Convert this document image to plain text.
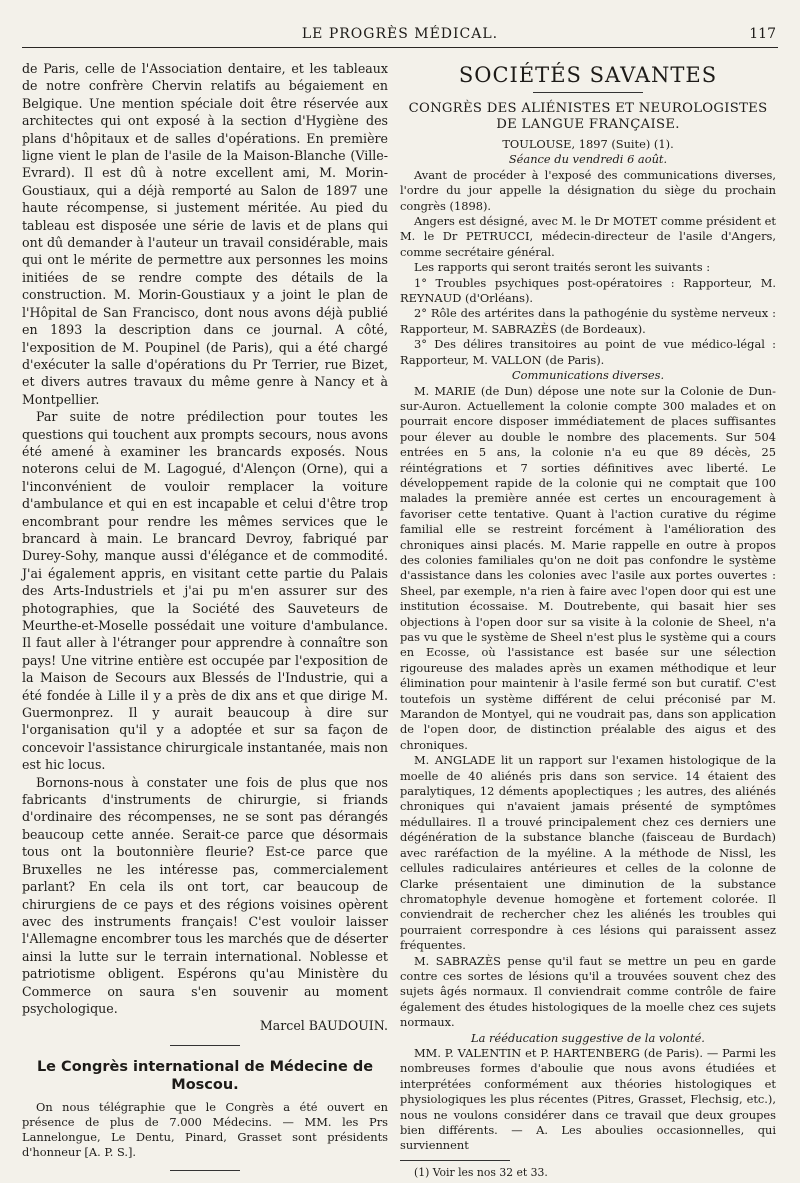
LE PROGRÈS MÉDICAL.	117

de Paris, celle de l'Association dentaire, et les tableaux de notre confrère Chervin relatifs au bégaiement en Belgique. Une mention spéciale doit être réservée aux architectes qui ont exposé à la section d'Hygiène des plans d'hôpitaux et de salles d'opérations. En première ligne vient le plan de l'asile de la Maison-Blanche (Ville-Evrard). Il est dû à notre excellent ami, M. Morin-Goustiaux, qui a déjà remporté au Salon de 1897 une haute récompense, si justement méritée. Au pied du tableau est disposée une série de lavis et de plans qui ont dû demander à l'auteur un travail considérable, mais qui ont le mérite de permettre aux personnes les moins initiées de se rendre compte des détails de la construction. M. Morin-Goustiaux y a joint le plan de l'Hôpital de San Francisco, dont nous avons déjà publié en 1893 la description dans ce journal. A côté, l'exposition de M. Poupinel (de Paris), qui a été chargé d'exécuter la salle d'opérations du Pr Terrier, rue Bizet, et divers autres travaux du même genre à Nancy et à Montpellier.

Par suite de notre prédilection pour toutes les questions qui touchent aux prompts secours, nous avons été amené à examiner les brancards exposés. Nous noterons celui de M. Lagogué, d'Alençon (Orne), qui a l'inconvénient de vouloir remplacer la voiture d'ambulance et qui en est incapable et celui d'être trop encombrant pour rendre les mêmes services que le brancard à main. Le brancard Devroy, fabriqué par Durey-Sohy, manque aussi d'élégance et de commodité. J'ai également appris, en visitant cette partie du Palais des Arts-Industriels et j'ai pu m'en assurer sur des photographies, que la Société des Sauveteurs de Meurthe-et-Moselle possédait une voiture d'ambulance. Il faut aller à l'étranger pour apprendre à connaître son pays! Une vitrine entière est occupée par l'exposition de la Maison de Secours aux Blessés de l'Industrie, qui a été fondée à Lille il y a près de dix ans et que dirige M. Guermonprez. Il y aurait beaucoup à dire sur l'organisation qu'il y a adoptée et sur sa façon de concevoir l'assistance chirurgicale instantanée, mais non est hic locus.

Bornons-nous à constater une fois de plus que nos fabricants d'instruments de chirurgie, si friands d'ordinaire des récompenses, ne se sont pas dérangés beaucoup cette année. Serait-ce parce que désormais tous ont la boutonnière fleurie? Est-ce parce que Bruxelles ne les intéresse pas, commercialement parlant? En cela ils ont tort, car beaucoup de chirurgiens de ce pays et des régions voisines opèrent avec des instruments français! C'est vouloir laisser l'Allemagne encombrer tous les marchés que de déserter ainsi la lutte sur le terrain international. Noblesse et patriotisme obligent. Espérons qu'au Ministère du Commerce on saura s'en souvenir au moment psychologique.

Marcel BAUDOUIN.

Le Congrès international de Médecine de Moscou.

On nous télégraphie que le Congrès a été ouvert en présence de plus de 7.000 Médecins. — MM. les Prs Lannelongue, Le Dentu, Pinard, Grasset sont présidents d'honneur [A. P. S.].

SOCIÉTÉS SAVANTES
CONGRÈS DES ALIÉNISTES ET NEUROLOGISTES DE LANGUE FRANÇAISE.

TOULOUSE, 1897 (Suite) (1).

Séance du vendredi 6 août.

Avant de procéder à l'exposé des communications diverses, l'ordre du jour appelle la désignation du siège du prochain congrès (1898).

Angers est désigné, avec M. le Dr MOTET comme président et M. le Dr PETRUCCI, médecin-directeur de l'asile d'Angers, comme secrétaire général.

Les rapports qui seront traités seront les suivants :

1° Troubles psychiques post-opératoires : Rapporteur, M. REYNAUD (d'Orléans).

2° Rôle des artérites dans la pathogénie du système nerveux : Rapporteur, M. SABRAZÈS (de Bordeaux).

3° Des délires transitoires au point de vue médico-légal : Rapporteur, M. VALLON (de Paris).

Communications diverses.

M. MARIE (de Dun) dépose une note sur la Colonie de Dun-sur-Auron. Actuellement la colonie compte 300 malades et on pourrait encore disposer immédiatement de places suffisantes pour élever au double le nombre des placements. Sur 504 entrées en 5 ans, la colonie n'a eu que 89 décès, 25 réintégrations et 7 sorties définitives avec liberté. Le développement rapide de la colonie qui ne comptait que 100 malades la première année est certes un encouragement à favoriser cette tentative. Quant à l'action curative du régime familial elle se restreint forcément à l'amélioration des chroniques ainsi placés. M. Marie rappelle en outre à propos des colonies familiales qu'on ne doit pas confondre le système d'assistance dans les colonies avec l'asile aux portes ouvertes : Sheel, par exemple, n'a rien à faire avec l'open door qui est une institution écossaise. M. Doutrebente, qui basait hier ses objections à l'open door sur sa visite à la colonie de Sheel, n'a pas vu que le système de Sheel n'est plus le système qui a cours en Ecosse, où l'assistance est basée sur une sélection rigoureuse des malades après un examen méthodique et leur élimination pour maintenir à l'asile fermé son but curatif. C'est toutefois un système différent de celui préconisé par M. Marandon de Montyel, qui ne voudrait pas, dans son application de l'open door, de distinction préalable des aigus et des chroniques.

M. ANGLADE lit un rapport sur l'examen histologique de la moelle de 40 aliénés pris dans son service. 14 étaient des paralytiques, 12 déments apoplectiques ; les autres, des aliénés chroniques qui n'avaient jamais présenté de symptômes médullaires. Il a trouvé principalement chez ces derniers une dégénération de la substance blanche (faisceau de Burdach) avec raréfaction de la myéline. A la méthode de Nissl, les cellules radiculaires antérieures et celles de la colonne de Clarke présentaient une diminution de la substance chromatophyle devenue homogène et fortement colorée. Il conviendrait de rechercher chez les aliénés les troubles qui pourraient correspondre à ces lésions qui paraissent assez fréquentes.

M. SABRAZÈS pense qu'il faut se mettre un peu en garde contre ces sortes de lésions qu'il a trouvées souvent chez des sujets âgés normaux. Il conviendrait comme contrôle de faire également des études histologiques de la moelle chez ces sujets normaux.

La rééducation suggestive de la volonté.

MM. P. VALENTIN et P. HARTENBERG (de Paris). — Parmi les nombreuses formes d'aboulie que nous avons étudiées et interprétées conformément aux théories histologiques et physiologiques les plus récentes (Pitres, Grasset, Flechsig, etc.), nous ne voulons considérer dans ce travail que deux groupes bien différents. — A. Les aboulies occasionnelles, qui surviennent

(1) Voir les nos 32 et 33.
